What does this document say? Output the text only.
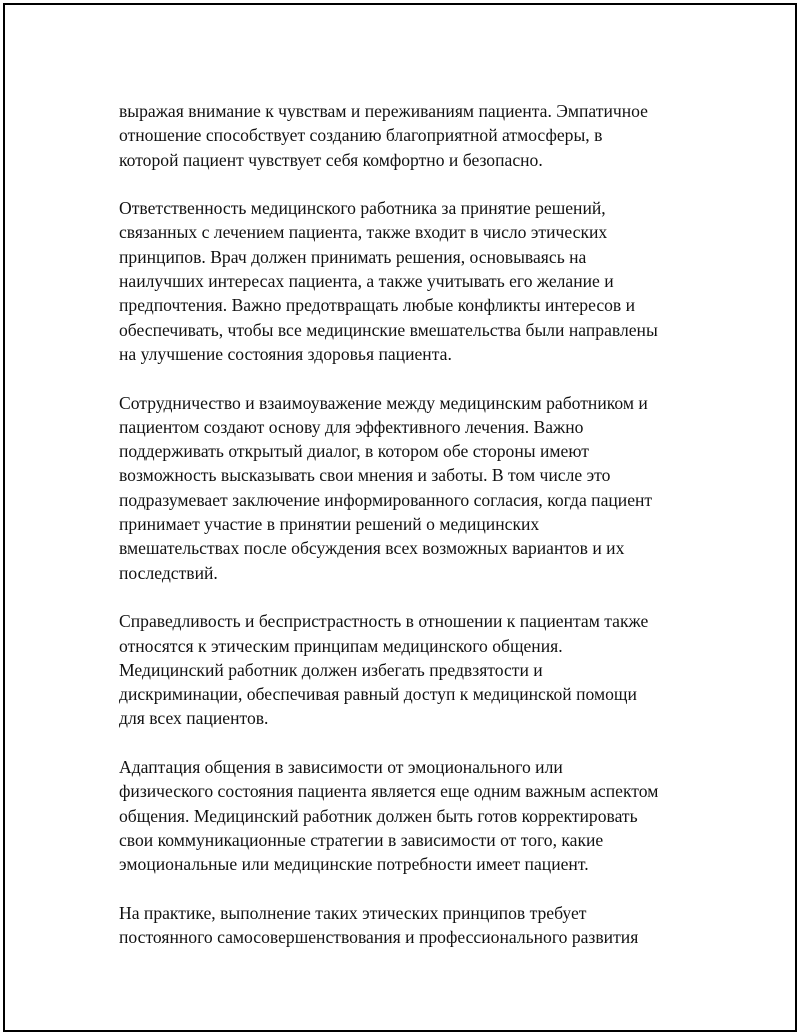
выражая внимание к чувствам и переживаниям пациента. Эмпатичное
отношение способствует созданию благоприятной атмосферы, в
которой пациент чувствует себя комфортно и безопасно.

Ответственность медицинского работника за принятие решений,
связанных с лечением пациента, также входит в число этических
принципов. Врач должен принимать решения, основываясь на
наилучших интересах пациента, а также учитывать его желание и
предпочтения. Важно предотвращать любые конфликты интересов и
обеспечивать, чтобы все медицинские вмешательства были направлены
на улучшение состояния здоровья пациента.

Сотрудничество и взаимоуважение между медицинским работником и
пациентом создают основу для эффективного лечения. Важно
поддерживать открытый диалог, в котором обе стороны имеют
возможность высказывать свои мнения и заботы. В том числе это
подразумевает заключение информированного согласия, когда пациент
принимает участие в принятии решений о медицинских
вмешательствах после обсуждения всех возможных вариантов и их
последствий.

Справедливость и беспристрастность в отношении к пациентам также
относятся к этическим принципам медицинского общения.
Медицинский работник должен избегать предвзятости и
дискриминации, обеспечивая равный доступ к медицинской помощи
для всех пациентов.

Адаптация общения в зависимости от эмоционального или
физического состояния пациента является еще одним важным аспектом
общения. Медицинский работник должен быть готов корректировать
свои коммуникационные стратегии в зависимости от того, какие
эмоциональные или медицинские потребности имеет пациент.

На практике, выполнение таких этических принципов требует
постоянного самосовершенствования и профессионального развития
